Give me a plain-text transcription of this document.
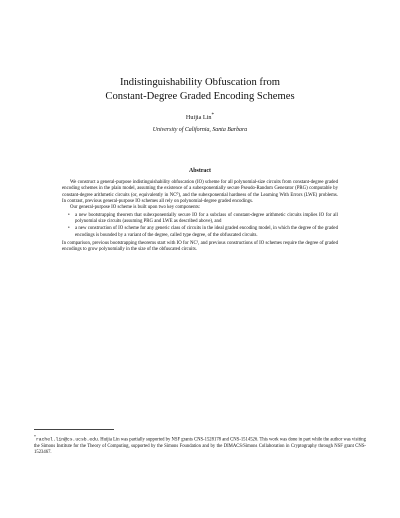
Indistinguishability Obfuscation from
Constant-Degree Graded Encoding Schemes
Huijia Lin*
University of California, Santa Barbara
Abstract

We construct a general-purpose indistinguishability obfuscation (IO) scheme for all polynomial-size circuits from constant-degree graded encoding schemes in the plain model, assuming the existence of a subexponentially secure Pseudo-Random Generator (PRG) computable by constant-degree arithmetic circuits (or, equivalently in NC⁰), and the subexponential hardness of the Learning With Errors (LWE) problems. In contrast, previous general-purpose IO schemes all rely on polynomial-degree graded encodings.

Our general-purpose IO scheme is built upon two key components:

• a new bootstrapping theorem that subexponentially secure IO for a subclass of constant-degree arithmetic circuits implies IO for all polynomial size circuits (assuming PRG and LWE as described above), and
• a new construction of IO scheme for any generic class of circuits in the ideal graded encoding model, in which the degree of the graded encodings is bounded by a variant of the degree, called type degree, of the obfuscated circuits.

In comparison, previous bootstrapping theorems start with IO for NC¹, and previous constructions of IO schemes require the degree of graded encodings to grow polynomially in the size of the obfuscated circuits.

*rachel.lin@cs.ucsb.edu. Huijia Lin was partially supported by NSF grants CNS-1528178 and CNS-1514526. This work was done in part while the author was visiting the Simons Institute for the Theory of Computing, supported by the Simons Foundation and by the DIMACS/Simons Collaboration in Cryptography through NSF grant CNS-1523467.
